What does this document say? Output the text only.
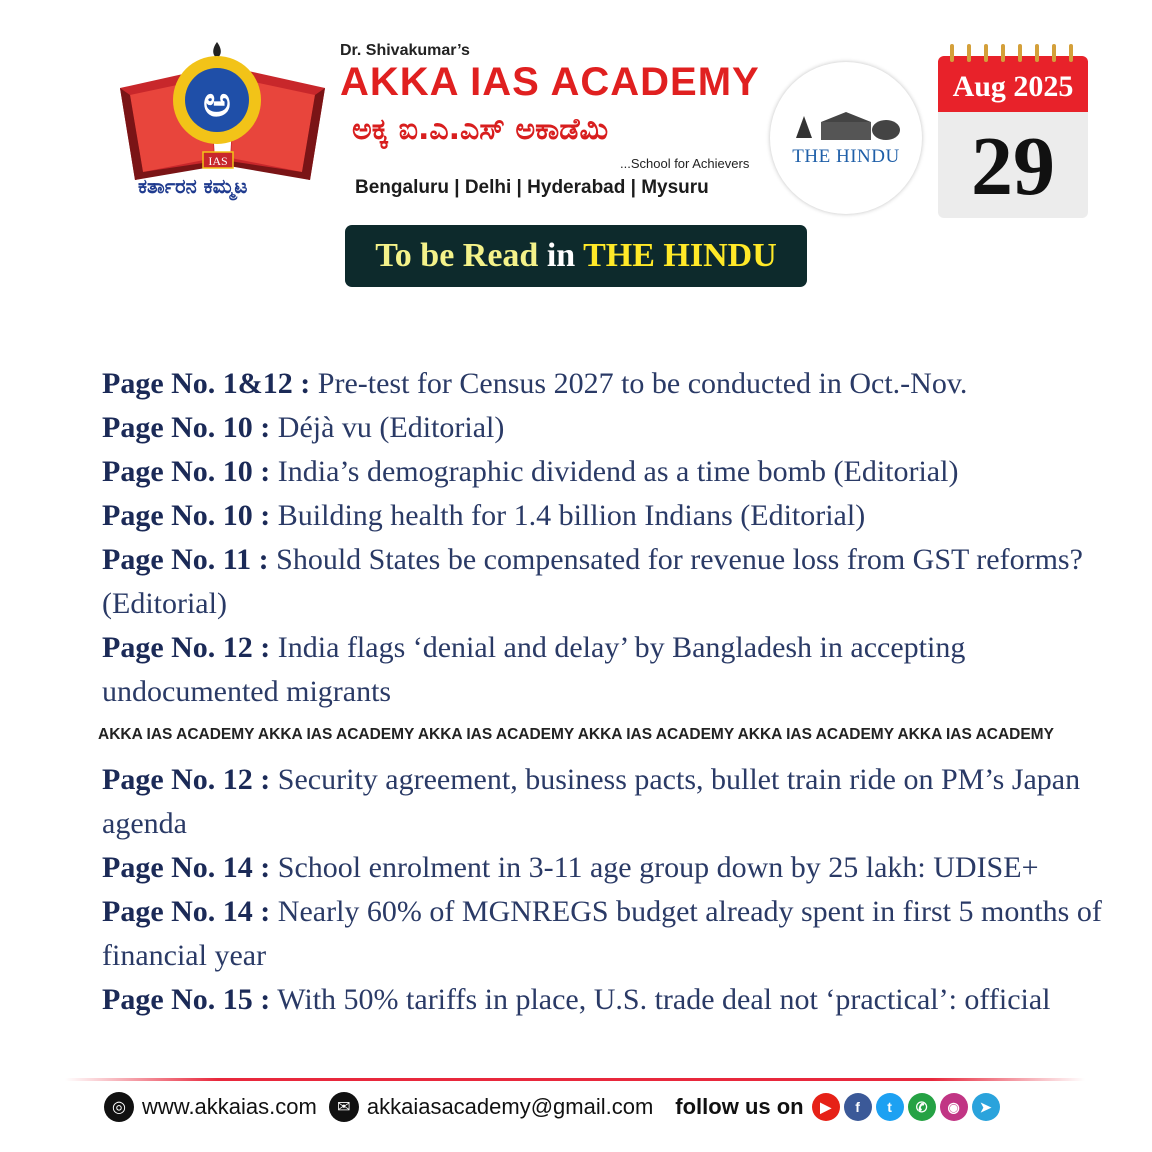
ಅ
IAS
ಕರ್ತಾರನ ಕಮ್ಮಟ
Dr. Shivakumar’s
AKKA IAS ACADEMY
ಅಕ್ಕ ಐ.ಎ.ಎಸ್ ಅಕಾಡೆಮಿ
...School for Achievers
Bengaluru | Delhi | Hyderabad | Mysuru
THE HINDU
Aug 2025
29
To be Read in THE HINDU

Page No. 1&12 : Pre-test for Census 2027 to be conducted in Oct.-Nov.

Page No. 10 : Déjà vu (Editorial)

Page No. 10 : India’s demographic dividend as a time bomb (Editorial)

Page No. 10 : Building health for 1.4 billion Indians (Editorial)

Page No. 11 : Should States be compensated for revenue loss from GST reforms? (Editorial)

Page No. 12 : India flags ‘denial and delay’ by Bangladesh in accepting undocumented migrants

AKKA IAS ACADEMY AKKA IAS ACADEMY AKKA IAS ACADEMY AKKA IAS ACADEMY AKKA IAS ACADEMY AKKA IAS ACADEMY

Page No. 12 : Security agreement, business pacts, bullet train ride on PM’s Japan agenda

Page No. 14 : School enrolment in 3-11 age group down by 25 lakh: UDISE+

Page No. 14 : Nearly 60% of MGNREGS budget already spent in first 5 months of financial year

Page No. 15 : With 50% tariffs in place, U.S. trade deal not ‘practical’: official

◎ www.akkaias.com	✉ akkaiasacademy@gmail.com follow us on	▶	f	t	✆	◉	➤
